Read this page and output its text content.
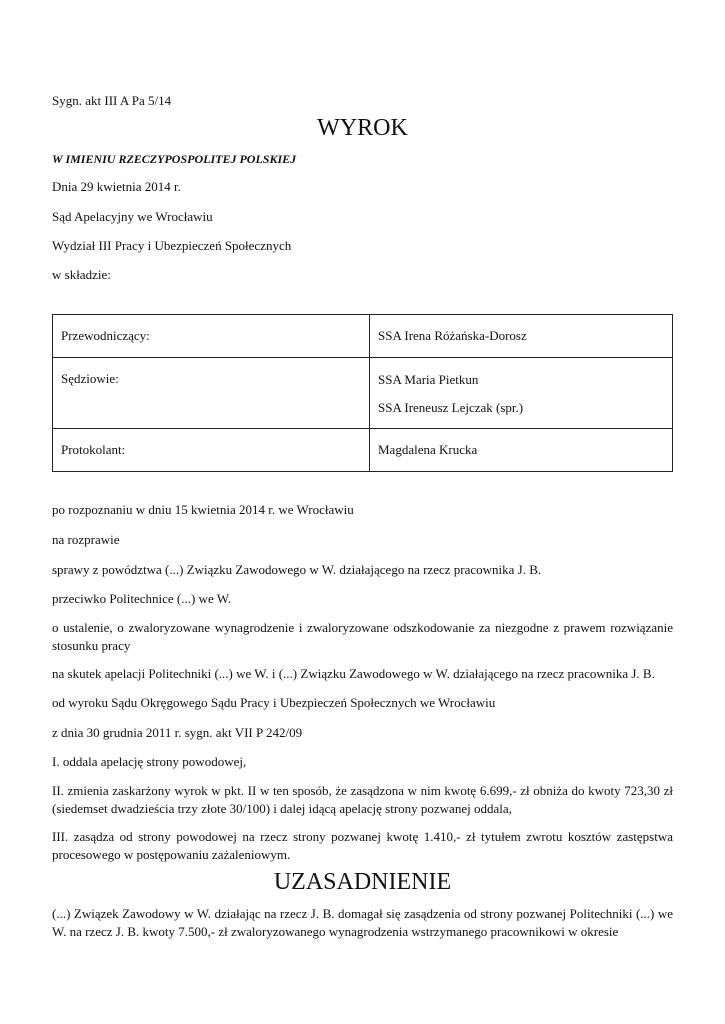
Sygn. akt III A Pa 5/14

WYROK

W IMIENIU RZECZYPOSPOLITEJ POLSKIEJ

Dnia 29 kwietnia 2014 r.

Sąd Apelacyjny we Wrocławiu

Wydział III Pracy i Ubezpieczeń Społecznych

w składzie:

Przewodniczący:	SSA Irena Różańska-Dorosz
Sędziowie:	SSA Maria Pietkun
SSA Ireneusz Lejczak (spr.)

Protokolant:	Magdalena Krucka

po rozpoznaniu w dniu 15 kwietnia 2014 r. we Wrocławiu

na rozprawie

sprawy z powództwa (...) Związku Zawodowego w W. działającego na rzecz pracownika J. B.

przeciwko Politechnice (...) we W.

o ustalenie, o zwaloryzowane wynagrodzenie i zwaloryzowane odszkodowanie za niezgodne z prawem rozwiązanie stosunku pracy

na skutek apelacji Politechniki (...) we W. i (...) Związku Zawodowego w W. działającego na rzecz pracownika J. B.

od wyroku Sądu Okręgowego Sądu Pracy i Ubezpieczeń Społecznych we Wrocławiu

z dnia 30 grudnia 2011 r. sygn. akt VII P 242/09

I. oddala apelację strony powodowej,

II. zmienia zaskarżony wyrok w pkt. II w ten sposób, że zasądzona w nim kwotę 6.699,- zł obniża do kwoty 723,30 zł (siedemset dwadzieścia trzy złote 30/100) i dalej idącą apelację strony pozwanej oddala,

III. zasądza od strony powodowej na rzecz strony pozwanej kwotę 1.410,- zł tytułem zwrotu kosztów zastępstwa procesowego w postępowaniu zażaleniowym.

UZASADNIENIE

(...) Związek Zawodowy w W. działając na rzecz J. B. domagał się zasądzenia od strony pozwanej Politechniki (...) we W. na rzecz J. B. kwoty 7.500,- zł zwaloryzowanego wynagrodzenia wstrzymanego pracownikowi w okresie
